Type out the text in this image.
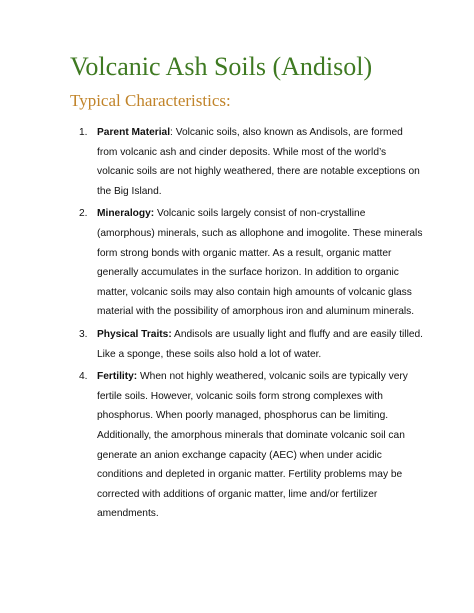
Volcanic Ash Soils (Andisol)
Typical Characteristics:
1. Parent Material: Volcanic soils, also known as Andisols, are formed from volcanic ash and cinder deposits. While most of the world’s volcanic soils are not highly weathered, there are notable exceptions on the Big Island.
2. Mineralogy: Volcanic soils largely consist of non-crystalline (amorphous) minerals, such as allophone and imogolite. These minerals form strong bonds with organic matter. As a result, organic matter generally accumulates in the surface horizon. In addition to organic matter, volcanic soils may also contain high amounts of volcanic glass material with the possibility of amorphous iron and aluminum minerals.
3. Physical Traits: Andisols are usually light and fluffy and are easily tilled. Like a sponge, these soils also hold a lot of water.
4. Fertility: When not highly weathered, volcanic soils are typically very fertile soils. However, volcanic soils form strong complexes with phosphorus. When poorly managed, phosphorus can be limiting. Additionally, the amorphous minerals that dominate volcanic soil can generate an anion exchange capacity (AEC) when under acidic conditions and depleted in organic matter. Fertility problems may be corrected with additions of organic matter, lime and/or fertilizer amendments.
